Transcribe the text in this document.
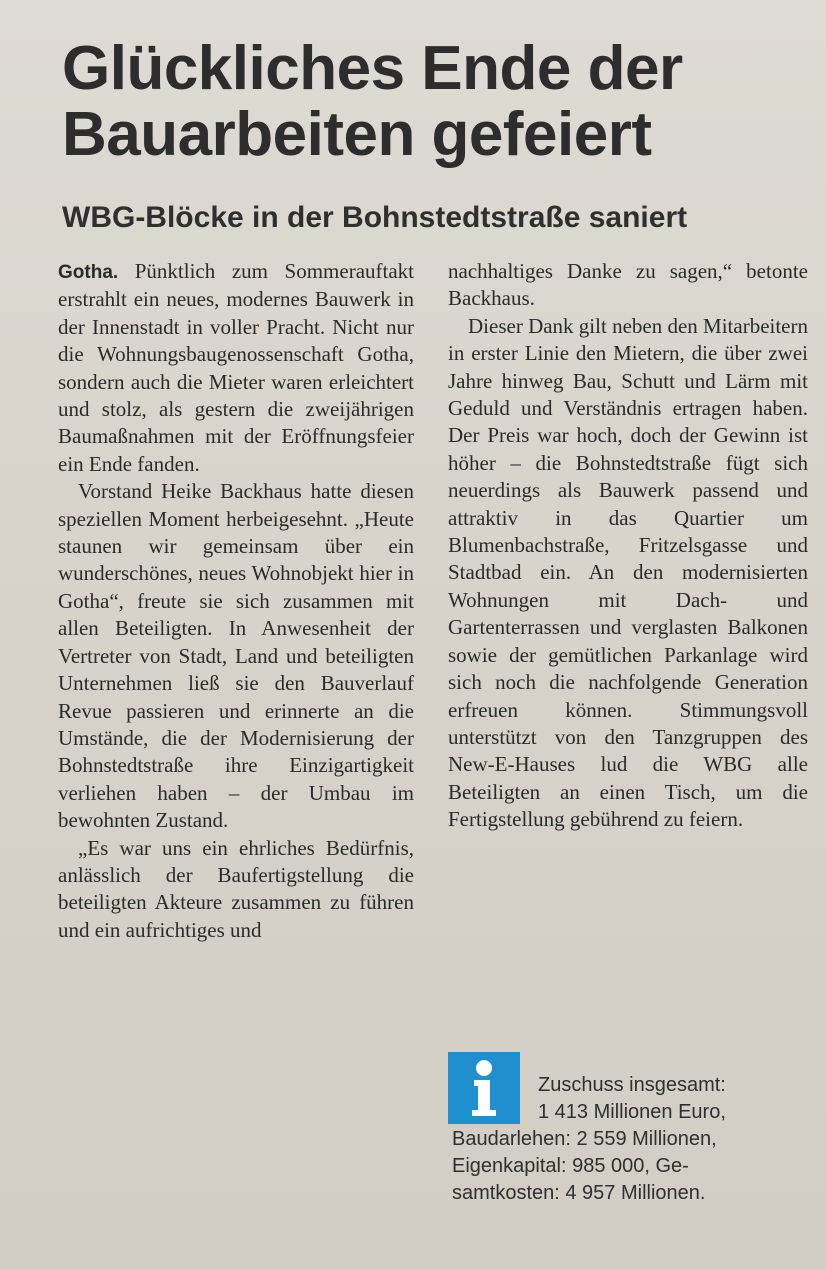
Glückliches Ende der Bauarbeiten gefeiert
WBG-Blöcke in der Bohnstedtstraße saniert

Gotha. Pünktlich zum Sommerauftakt erstrahlt ein neues, modernes Bauwerk in der Innenstadt in voller Pracht. Nicht nur die Wohnungsbaugenossenschaft Gotha, sondern auch die Mieter waren erleichtert und stolz, als gestern die zweijährigen Baumaßnahmen mit der Eröffnungsfeier ein Ende fanden.

Vorstand Heike Backhaus hatte diesen speziellen Moment herbeigesehnt. „Heute staunen wir gemeinsam über ein wunderschönes, neues Wohnobjekt hier in Gotha“, freute sie sich zusammen mit allen Beteiligten. In Anwesenheit der Vertreter von Stadt, Land und beteiligten Unternehmen ließ sie den Bauverlauf Revue passieren und erinnerte an die Umstände, die der Modernisierung der Bohnstedtstraße ihre Einzigartigkeit verliehen haben – der Umbau im bewohnten Zustand.

„Es war uns ein ehrliches Bedürfnis, anlässlich der Baufertigstellung die beteiligten Akteure zusammen zu führen und ein aufrichtiges und

nachhaltiges Danke zu sagen,“ betonte Backhaus.

Dieser Dank gilt neben den Mitarbeitern in erster Linie den Mietern, die über zwei Jahre hinweg Bau, Schutt und Lärm mit Geduld und Verständnis ertragen haben. Der Preis war hoch, doch der Gewinn ist höher – die Bohnstedtstraße fügt sich neuerdings als Bauwerk passend und attraktiv in das Quartier um Blumenbachstraße, Fritzelsgasse und Stadtbad ein. An den modernisierten Wohnungen mit Dach- und Gartenterrassen und verglasten Balkonen sowie der gemütlichen Parkanlage wird sich noch die nachfolgende Generation erfreuen können. Stimmungsvoll unterstützt von den Tanzgruppen des New-E-Hauses lud die WBG alle Beteiligten an einen Tisch, um die Fertigstellung gebührend zu feiern.

Zuschuss insgesamt:
1 413 Millionen Euro,
Baudarlehen: 2 559 Millionen,
Eigenkapital: 985 000, Ge-
samtkosten: 4 957 Millionen.
